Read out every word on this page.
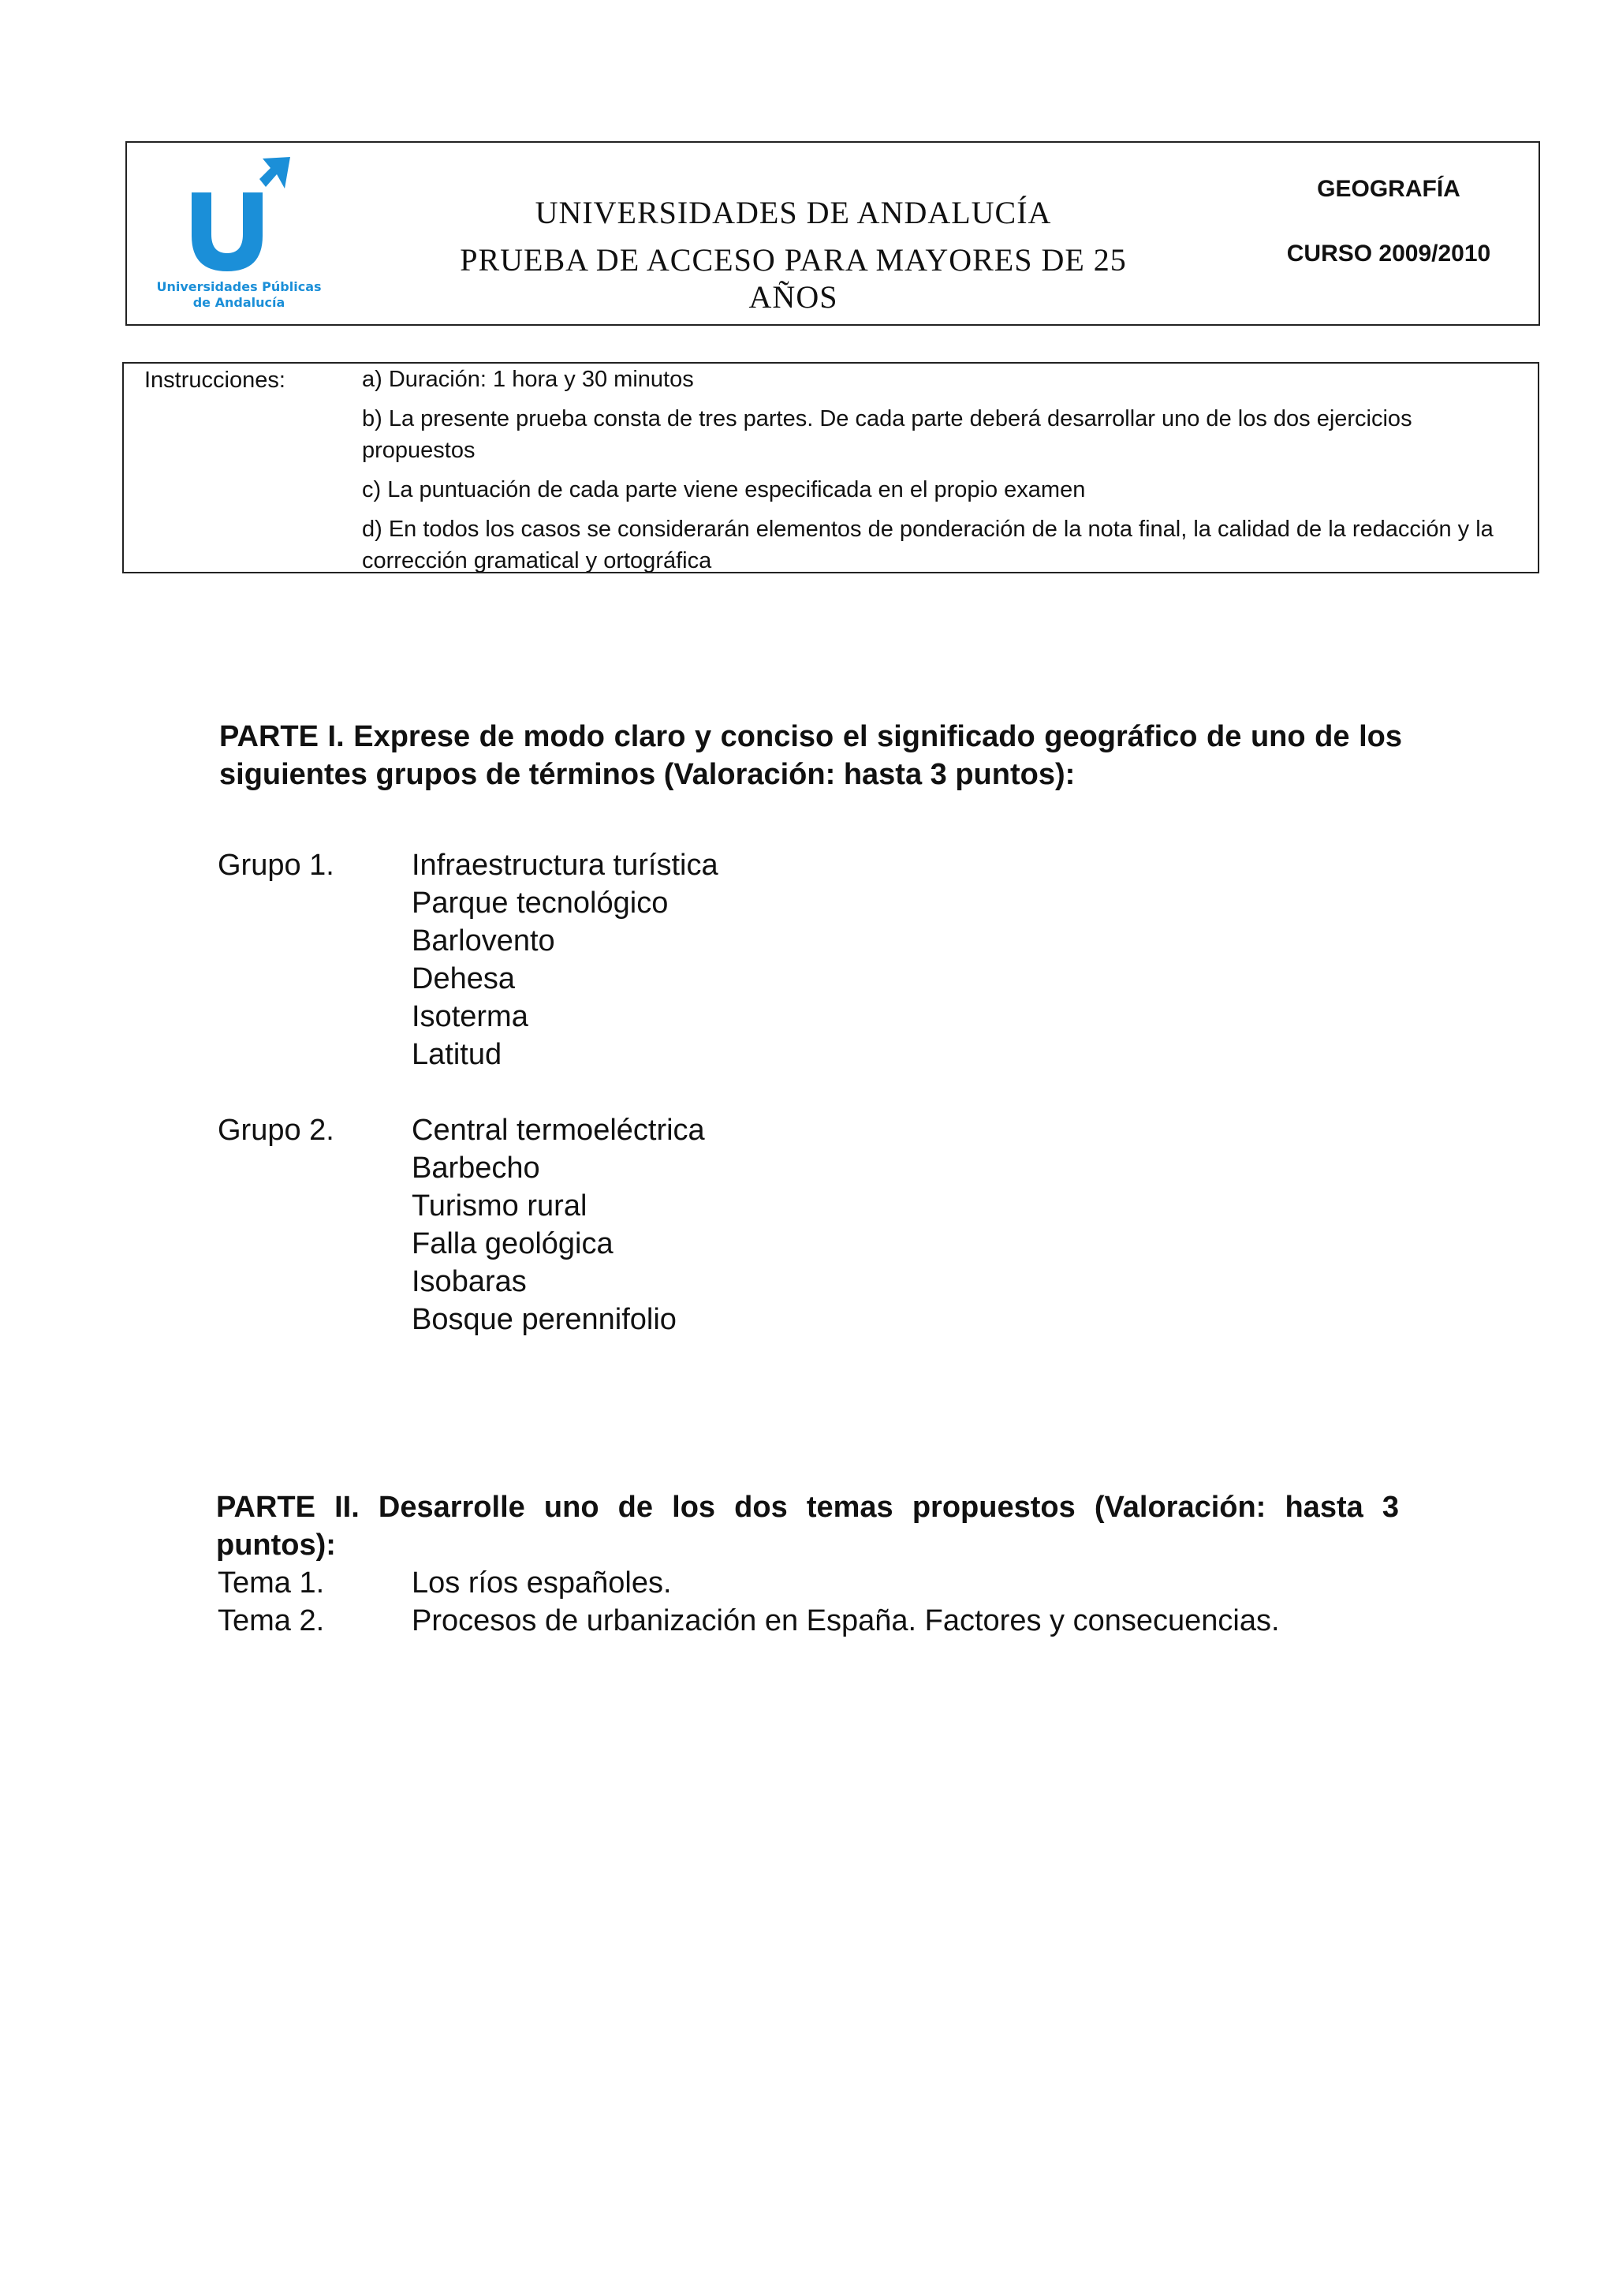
Universidades Públicas
de Andalucía
UNIVERSIDADES DE ANDALUCÍA
PRUEBA DE ACCESO PARA MAYORES DE 25 AÑOS
GEOGRAFÍA
CURSO 2009/2010
Instrucciones:	a) Duración: 1 hora y 30 minutos
b) La presente prueba consta de tres partes. De cada parte deberá desarrollar uno de los dos ejercicios propuestos
c) La puntuación de cada parte viene especificada en el propio examen
d) En todos los casos se considerarán elementos de ponderación de la nota final, la calidad de la redacción y la corrección gramatical y ortográfica
PARTE I. Exprese de modo claro y conciso el significado geográfico de uno de los siguientes grupos de términos (Valoración: hasta 3 puntos):
Grupo 1.	Infraestructura turística
Parque tecnológico
Barlovento
Dehesa
Isoterma
Latitud
Grupo 2.	Central termoeléctrica
Barbecho
Turismo rural
Falla geológica
Isobaras
Bosque perennifolio
PARTE II. Desarrolle uno de los dos temas propuestos (Valoración: hasta 3 puntos):
Tema 1.	Los ríos españoles.
Tema 2.	Procesos de urbanización en España. Factores y consecuencias.
